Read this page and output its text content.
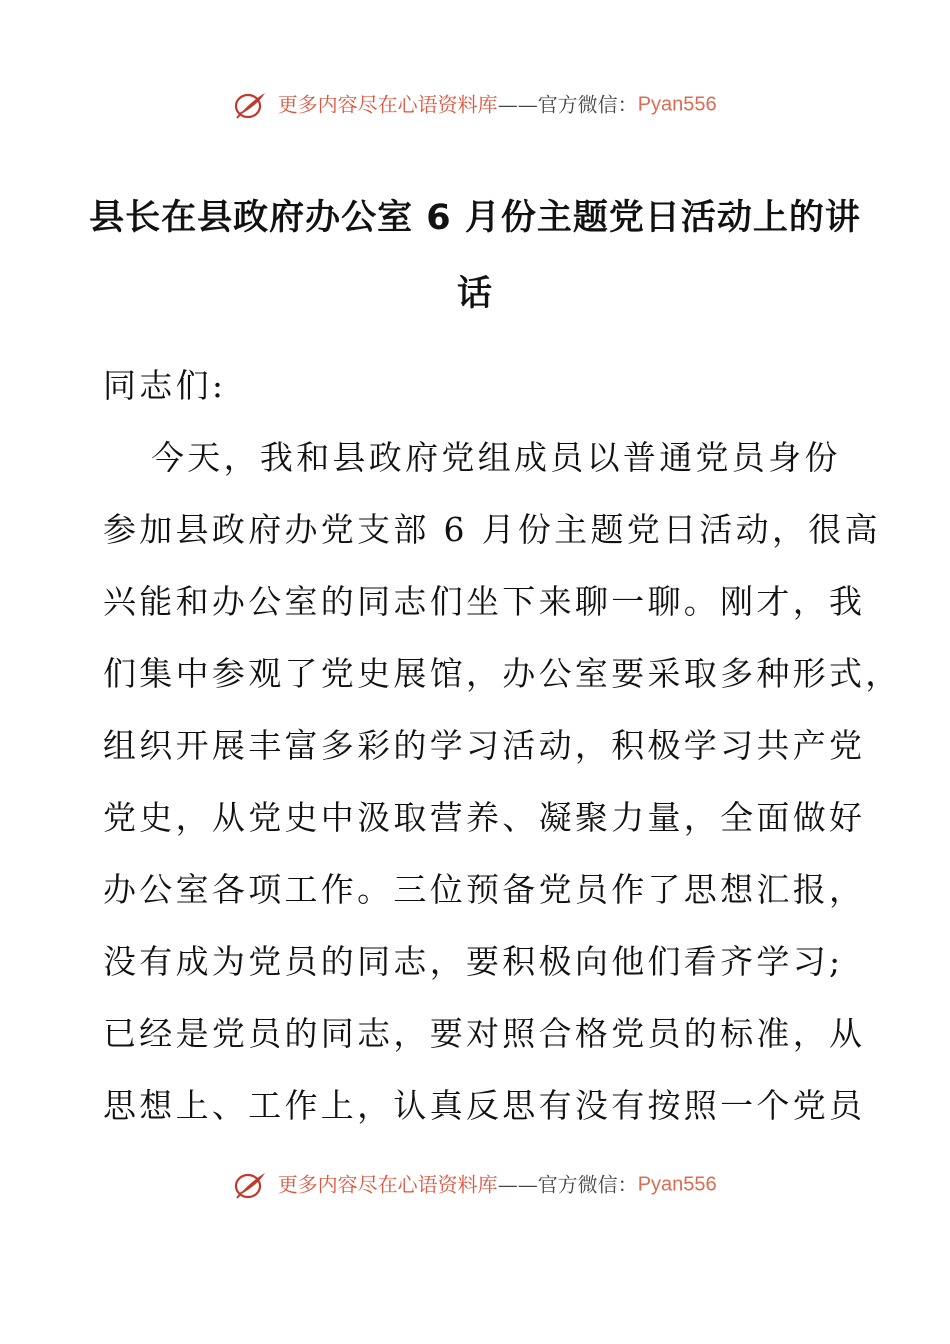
更多内容尽在心语资料库——官方微信：Pyan556
县长在县政府办公室 6 月份主题党日活动上的讲
话
同志们:
今天，我和县政府党组成员以普通党员身份
参加县政府办党支部 6 月份主题党日活动，很高
兴能和办公室的同志们坐下来聊一聊。刚才，我
们集中参观了党史展馆，办公室要采取多种形式，
组织开展丰富多彩的学习活动，积极学习共产党
党史，从党史中汲取营养、凝聚力量，全面做好
办公室各项工作。三位预备党员作了思想汇报，
没有成为党员的同志，要积极向他们看齐学习;
已经是党员的同志，要对照合格党员的标准，从
思想上、工作上，认真反思有没有按照一个党员
更多内容尽在心语资料库——官方微信：Pyan556
